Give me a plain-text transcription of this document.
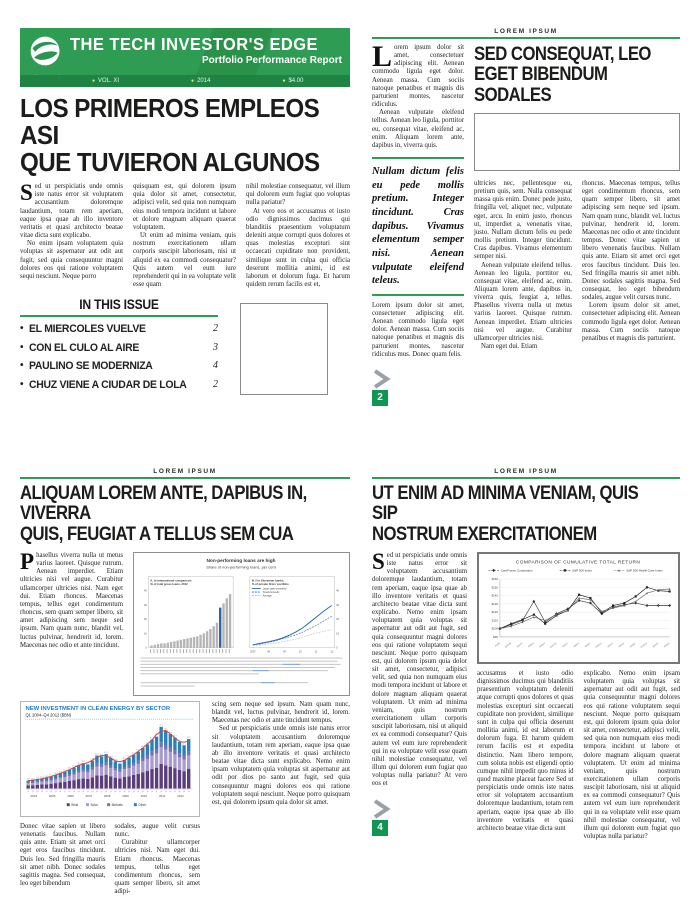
THE TECH INVESTOR'S EDGE
Portfolio Performance Report
● VOL. XI	● 2014	● $4.00
LOS PRIMEROS EMPLEOS ASI
QUE TUVIERON ALGUNOS

Sed ut perspiciatis unde omnis iste natus error sit voluptatem accusantium doloremque laudantium, totam rem aperiam, eaque ipsa quae ab illo inventore veritatis et quasi architecto beatae vitae dicta sunt explicabo.

No enim ipsam voluptatem quia voluptas sit aspernatur aut odit aut fugit, sed quia consequuntur magni dolores eos qui ratione voluptatem sequi nesciunt. Neque porro

quisquam est, qui dolorem ipsum quia dolor sit amet, consectetur, adipisci velit, sed quia non numquam eius modi tempora incidunt ut labore et dolore magnam aliquam quaerat voluptatem.

Ut enim ad minima veniam, quis nostrum exercitationem ullam corporis suscipit laboriosam, nisi ut aliquid ex ea commodi consequatur? Quis autem vel eum iure reprehenderit qui in ea voluptate velit esse quam

nihil molestiae consequatur, vel illum qui dolorem eum fugiat quo voluptas nulla pariatur?

At vero eos et accusamus et iusto odio dignissimos ducimus qui blanditiis praesentium voluptatum deleniti atque corrupti quos dolores et quas molestias excepturi sint occaecati cupiditate non provident, similique sunt in culpa qui officia deserunt mollitia animi, id est laborum et dolorum fuga. Et harum quidem rerum facilis est et,

IN THIS ISSUE
• EL MIERCOLES VUELVE	2
• CON EL CULO AL AIRE	3
• PAULINO SE MODERNIZA	4
• CHUZ VIENE A CIUDAR DE LOLA	2
LOREM IPSUM

Lorem ipsum dolor sit amet, consectetuer adipiscing elit. Aenean commodo ligula eget dolor. Aenean massa. Cum sociis natoque penatibus et magnis dis parturient montes, nascetur ridiculus.

Aenean vulputate eleifend tellus. Aenean leo ligula, porttitor eu, consequat vitae, eleifend ac, enim. Aliquam lorem ante, dapibus in, viverra quis.

Nullam dictum felis eu pede mollis pretium. Integer tincidunt. Cras dapibus. Vivamus elementum semper nisi. Aenean vulputate eleifend teleus.

Lorem ipsum dolor sit amet, consectetuer adipiscing elit. Aenean commodo ligula eget dolor. Aenean massa. Cum sociis natoque penatibus et magnis dis parturient montes, nascetur ridiculus mus. Donec quam felis.

2
SED CONSEQUAT, LEO
EGET BIBENDUM SODALES

ultricies nec, pellentesque eu, pretium quis, sem. Nulla consequat massa quis enim. Donec pede justo, fringilla vel, aliquet nec, vulputate eget, arcu. In enim justo, rhoncus ut, imperdiet a, venenatis vitae, justo. Nullam dictum felis eu pede mollis pretium. Integer tincidunt. Cras dapibus. Vivamus elementum semper nisi.

Aenean vulputate eleifend tellus. Aenean leo ligula, porttitor eu, consequat vitae, eleifend ac, enim. Aliquam lorem ante, dapibus in, viverra quis, feugiat a, tellus. Phasellus viverra nulla ut metus varius laoreet. Quisque rutrum. Aenean imperdiet. Etiam ultricies nisi vel augue. Curabitur ullamcorper ultricies nisi.

Nam eget dui. Etiam

rhoncus. Maecenas tempus, tellus eget condimentum rhoncus, sem quam semper libero, sit amet adipiscing sem neque sed ipsum. Nam quam nunc, blandit vel, luctus pulvinar, hendrerit id, lorem. Maecenas nec odio et ante tincidunt tempus. Donec vitae sapien ut libero venenatis faucibus. Nullam quis ante. Etiam sit amet orci eget eros faucibus tincidunt. Duis leo. Sed fringilla mauris sit amet nibh. Donec sodales sagittis magna. Sed consequat, leo eget bibendum sodales, augue velit cursus nunc.

Lorem ipsum dolor sit amet, consectetuer adipiscing elit. Aenean commodo ligula eget dolor. Aenean massa. Cum sociis natoque penatibus et magnis dis parturient.

LOREM IPSUM
ALIQUAM LOREM ANTE, DAPIBUS IN, VIVERRA
QUIS, FEUGIAT A TELLUS SEM CUA

Phasellus viverra nulla ut metus varius laoreet. Quisque rutrum. Aenean imperdiet. Etiam ultricies nisi vel augue. Curabitur ullamcorper ultricies nisi. Nam eget dui. Etiam rhoncus. Maecenas tempus, tellus eget condimentum rhoncus, sem quam semper libero, sit amet adipiscing sem neque sed ipsum. Nam quam nunc, blandit vel, luctus pulvinar, hendrerit id, lorem. Maecenas nec odio et ante tincidunt.

Non-performing loans are high
Share of non-performing loans, per cent
A. In international comparison:
% of total gross loans, 2012
0
10
20
30
40
B. For Slovenian banks:
% of private firms' portfolio
Large state-controlled
Small domestic
Average
0
10
20
30
40
2007	08	09	10	11	12
NEW INVESTMENT IN CLEAN ENERGY BY SECTOR
Q1 2004–Q4 2012 ($BN)
9.8
Q1
10.1
Q2
11.4
Q3
12.5
Q4
13.2
Q1
15.0
Q2
16.8
Q3
18.9
Q4
21.0
Q1
23.5
Q2
26.1
Q3
29.4
Q4
31.8
Q1
30.2
Q2
34.9
Q3
41.2
Q4
40.3
Q1
43.1
Q2
38.4
Q3
33.8
Q4
31.2
Q1
35.9
Q2
38.3
Q3
42.4
Q4
46.1
Q1
50.8
Q2
55.2
Q3
61.3
Q4
64.9
Q1
77.2
Q2
72.6
Q3
68.4
Q4
63.7
Q1
58.2
Q2
54.1
Q3
61.9
Q4
2004	2005	2006	2007	2008	2009	2010	2011	2012
Wind	Solar	Biofuels	Other

Donec vitae sapien ut libero venenatis faucibus. Nullam quis ante. Etiam sit amet orci eget eros faucibus tincidunt. Duis leo. Sed fringilla mauris sit amet nibh. Donec sodales sagittis magna. Sed consequat, leo eget bibendum

sodales, augue velit cursus nunc.

Curabitur ullamcorper ultricies nisi. Nam eget dui. Etiam rhoncus. Maecenas tempus, tellus eget condimentum rhoncus, sem quam semper libero, sit amet adipi-

scing sem neque sed ipsum. Nam quam nunc, blandit vel, luctus pulvinar, hendrerit id, lorem. Maecenas nec odio et ante tincidunt tempus.

Sed ut perspiciatis unde omnis iste natus error sit voluptatem accusantium doloremque laudantium, totam rem aperiam, eaque ipsa quae ab illo inventore veritatis et quasi architecto beatae vitae dicta sunt explicabo. Nemo enim ipsam voluptatem quia voluptas sit aspernatur aut odit por dios po santo aut fugit, sed quia consequuntur magni dolores eos qui ratione voluptatem sequi nesciunt. Neque porro quisquam est, qui dolorem ipsum quia dolor sit amet.

LOREM IPSUM
UT ENIM AD MINIMA VENIAM, QUIS SIP
NOSTRUM EXERCITATIONEM

Sed ut perspiciatis unde omnis iste natus error sit voluptatem accusantium doloremque laudantium, totam rem aperiam, eaque ipsa quae ab illo inventore veritatis et quasi architecto beatae vitae dicta sunt explicabo. Nemo enim ipsam voluptatem quia voluptas sit aspernatur aut odit aut fugit, sed quia consequuntur magni dolores eos qui ratione voluptatem sequi nesciunt. Neque porro quisquam est, qui dolorem ipsum quia dolor sit amet, consectetur, adipisci velit, sed quia non numquam eius modi tempora incidunt ut labore et dolore magnam aliquam quaerat voluptatem. Ut enim ad minima veniam, quis nostrum exercitationem ullam corporis suscipit laboriosam, nisi ut aliquid ex ea commodi consequatur? Quis autem vel eum iure reprehenderit qui in ea voluptate velit esse quam nihil molestiae consequatur, vel illum qui dolorem eum fugiat quo voluptas nulla pariatur? At vero eos et

4
COMPARISON OF CUMULATIVE TOTAL RETURN
CareFusion Corporation	S&P 500 Index	S&P 500 Health Care Index
$90
$100
$110
$120
$130
$140
$150
$160
9/1/09 12/31/09 3/31/10 6/30/10 9/30/10 12/31/10	3/31/11	6/30/11	9/30/11 12/31/11 3/31/12 6/30/12 9/30/12 12/31/12 3/31/13 6/30/13

accusamus et iusto odio dignissimos ducimus qui blanditiis praesentium voluptatum deleniti atque corrupti quos dolores et quas molestias excepturi sint occaecati cupiditate non provident, similique sunt in culpa qui officia deserunt mollitia animi, id est laborum et dolorum fuga. Et harum quidem rerum facilis est et expedita distinctio. Nam libero tempore, cum soluta nobis est eligendi optio cumque nihil impedit quo minus id quod maxime placeat facere Sed ut perspiciatis unde omnis iste natus error sit voluptatem accusantium doloremque laudantium, totam rem aperiam, eaque ipsa quae ab illo inventore veritatis et quasi architecto beatae vitae dicta sunt

explicabo. Nemo enim ipsam voluptatem quia voluptas sit aspernatur aut odit aut fugit, sed quia consequuntur magni dolores eos qui ratione voluptatem sequi nesciunt. Neque porro quisquam est, qui dolorem ipsum quia dolor sit amet, consectetur, adipisci velit, sed quia non numquam eius modi tempora incidunt ut labore et dolore magnam aliquam quaerat voluptatem. Ut enim ad minima veniam, quis nostrum exercitationem ullam corporis suscipit laboriosam, nisi ut aliquid ex ea commodi consequatur? Quis autem vel eum iure reprehenderit qui in ea voluptate velit esse quam nihil molestiae consequatur, vel illum qui dolorem eum fugiat quo voluptas nulla pariatur?
